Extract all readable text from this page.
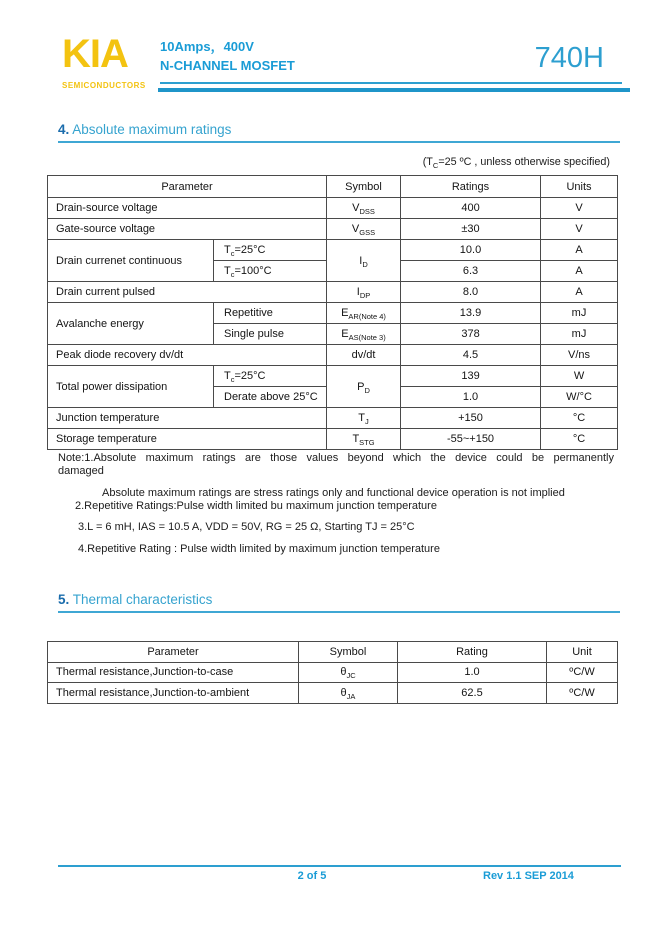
KIA
SEMICONDUCTORS
10Amps，400V
N-CHANNEL MOSFET	740H
4. Absolute maximum ratings
($T_C=25$ ºC , unless otherwise specified)
Parameter		Symbol	Ratings	Units
Drain-source voltage		$V_{DSS}$	400	V
Gate-source voltage		$V_{GSS}$	±30	V
Drain currenet continuous	$T_c=25^\circ C$	$I_D$	10.0	A
	$T_c=100^\circ C$		6.3	A
Drain current pulsed		$I_{DP}$	8.0	A
Avalanche energy	Repetitive	$E_{AR(Note 4)}$	13.9	mJ
	Single pulse	$E_{AS(Note 3)}$	378	mJ
Peak diode recovery dv/dt		dv/dt	4.5	V/ns
Total power dissipation	$T_c=25^\circ C$	$P_D$	139	W
	Derate above 25°C		1.0	W/°C
Junction temperature		$T_J$	+150	°C
Storage temperature		$T_{STG}$	-55~+150	°C
Note:1.Absolute maximum ratings are those values beyond which the device could be permanently
damaged
Absolute maximum ratings are stress ratings only and functional device operation is not implied
2.Repetitive Ratings:Pulse width limited bu maximum junction temperature
3.L = 6 mH, IAS = 10.5 A, VDD = 50V, RG = 25 Ω, Starting TJ = 25°C
4.Repetitive Rating : Pulse width limited by maximum junction temperature
5. Thermal characteristics
Parameter	Symbol	Rating	Unit
Thermal resistance,Junction-to-case	$\theta_{JC}$	1.0	ºC/W
Thermal resistance,Junction-to-ambient	$\theta_{JA}$	62.5	ºC/W
2 of 5	Rev 1.1 SEP 2014
